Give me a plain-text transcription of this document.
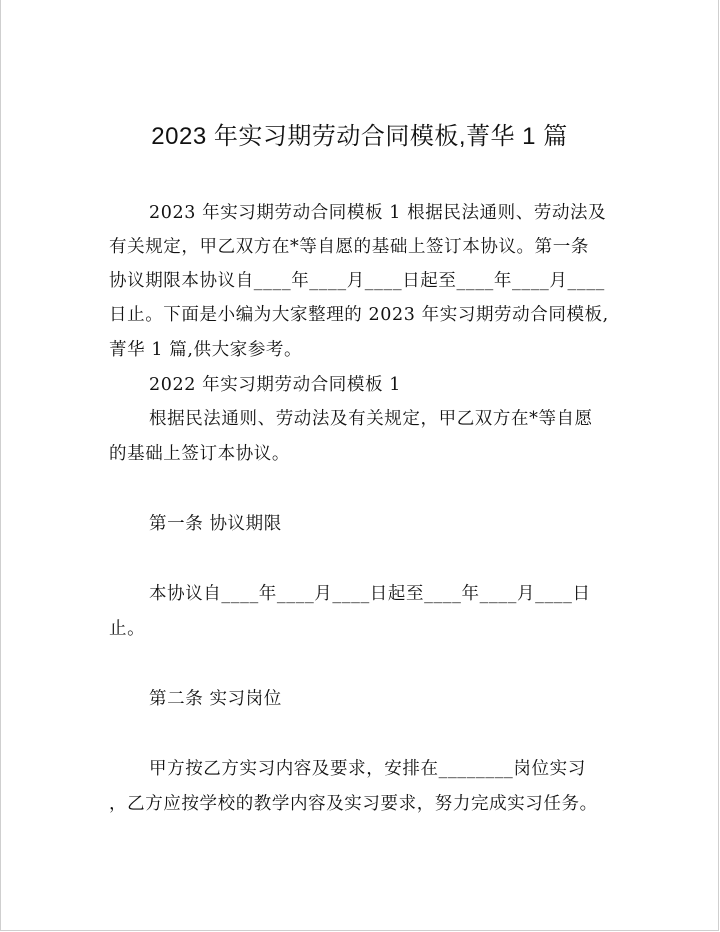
2023 年实习期劳动合同模板,菁华 1 篇
2023 年实习期劳动合同模板 1 根据民法通则、劳动法及
有关规定，甲乙双方在*等自愿的基础上签订本协议。第一条
协议期限本协议自____年____月____日起至____年____月____
日止。下面是小编为大家整理的 2023 年实习期劳动合同模板,
菁华 1 篇,供大家参考。
2022 年实习期劳动合同模板 1
根据民法通则、劳动法及有关规定，甲乙双方在*等自愿
的基础上签订本协议。
第一条 协议期限
本协议自____年____月____日起至____年____月____日
止。
第二条 实习岗位
甲方按乙方实习内容及要求，安排在________岗位实习
，乙方应按学校的教学内容及实习要求，努力完成实习任务。
